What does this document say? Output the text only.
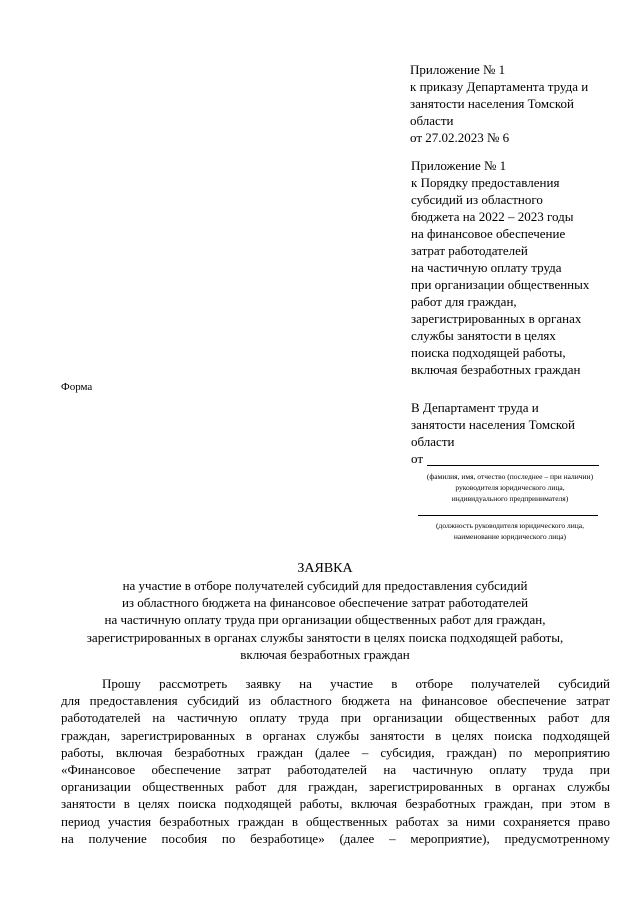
Приложение № 1
к приказу Департамента труда и
занятости населения Томской
области
от 27.02.2023 № 6
Приложение № 1
к Порядку предоставления
субсидий из областного
бюджета на 2022 – 2023 годы
на финансовое обеспечение
затрат работодателей
на частичную оплату труда
при организации общественных
работ для граждан,
зарегистрированных в органах
службы занятости в целях
поиска подходящей работы,
включая безработных граждан
Форма
В Департамент труда и
занятости населения Томской
области
от
(фамилия, имя, отчество (последнее – при наличии)
руководителя юридического лица,
индивидуального предпринимателя)
(должность руководителя юридического лица,
наименование юридического лица)
ЗАЯВКА
на участие в отборе получателей субсидий для предоставления субсидий
из областного бюджета на финансовое обеспечение затрат работодателей
на частичную оплату труда при организации общественных работ для граждан,
зарегистрированных в органах службы занятости в целях поиска подходящей работы,
включая безработных граждан
Прошу рассмотреть заявку на участие в отборе получателей субсидий
для предоставления субсидий из областного бюджета на финансовое обеспечение затрат
работодателей на частичную оплату труда при организации общественных работ для
граждан, зарегистрированных в органах службы занятости в целях поиска подходящей
работы, включая безработных граждан (далее – субсидия, граждан) по мероприятию
«Финансовое обеспечение затрат работодателей на частичную оплату труда при
организации общественных работ для граждан, зарегистрированных в органах службы
занятости в целях поиска подходящей работы, включая безработных граждан, при этом в
период участия безработных граждан в общественных работах за ними сохраняется право
на получение пособия по безработице» (далее – мероприятие), предусмотренному
